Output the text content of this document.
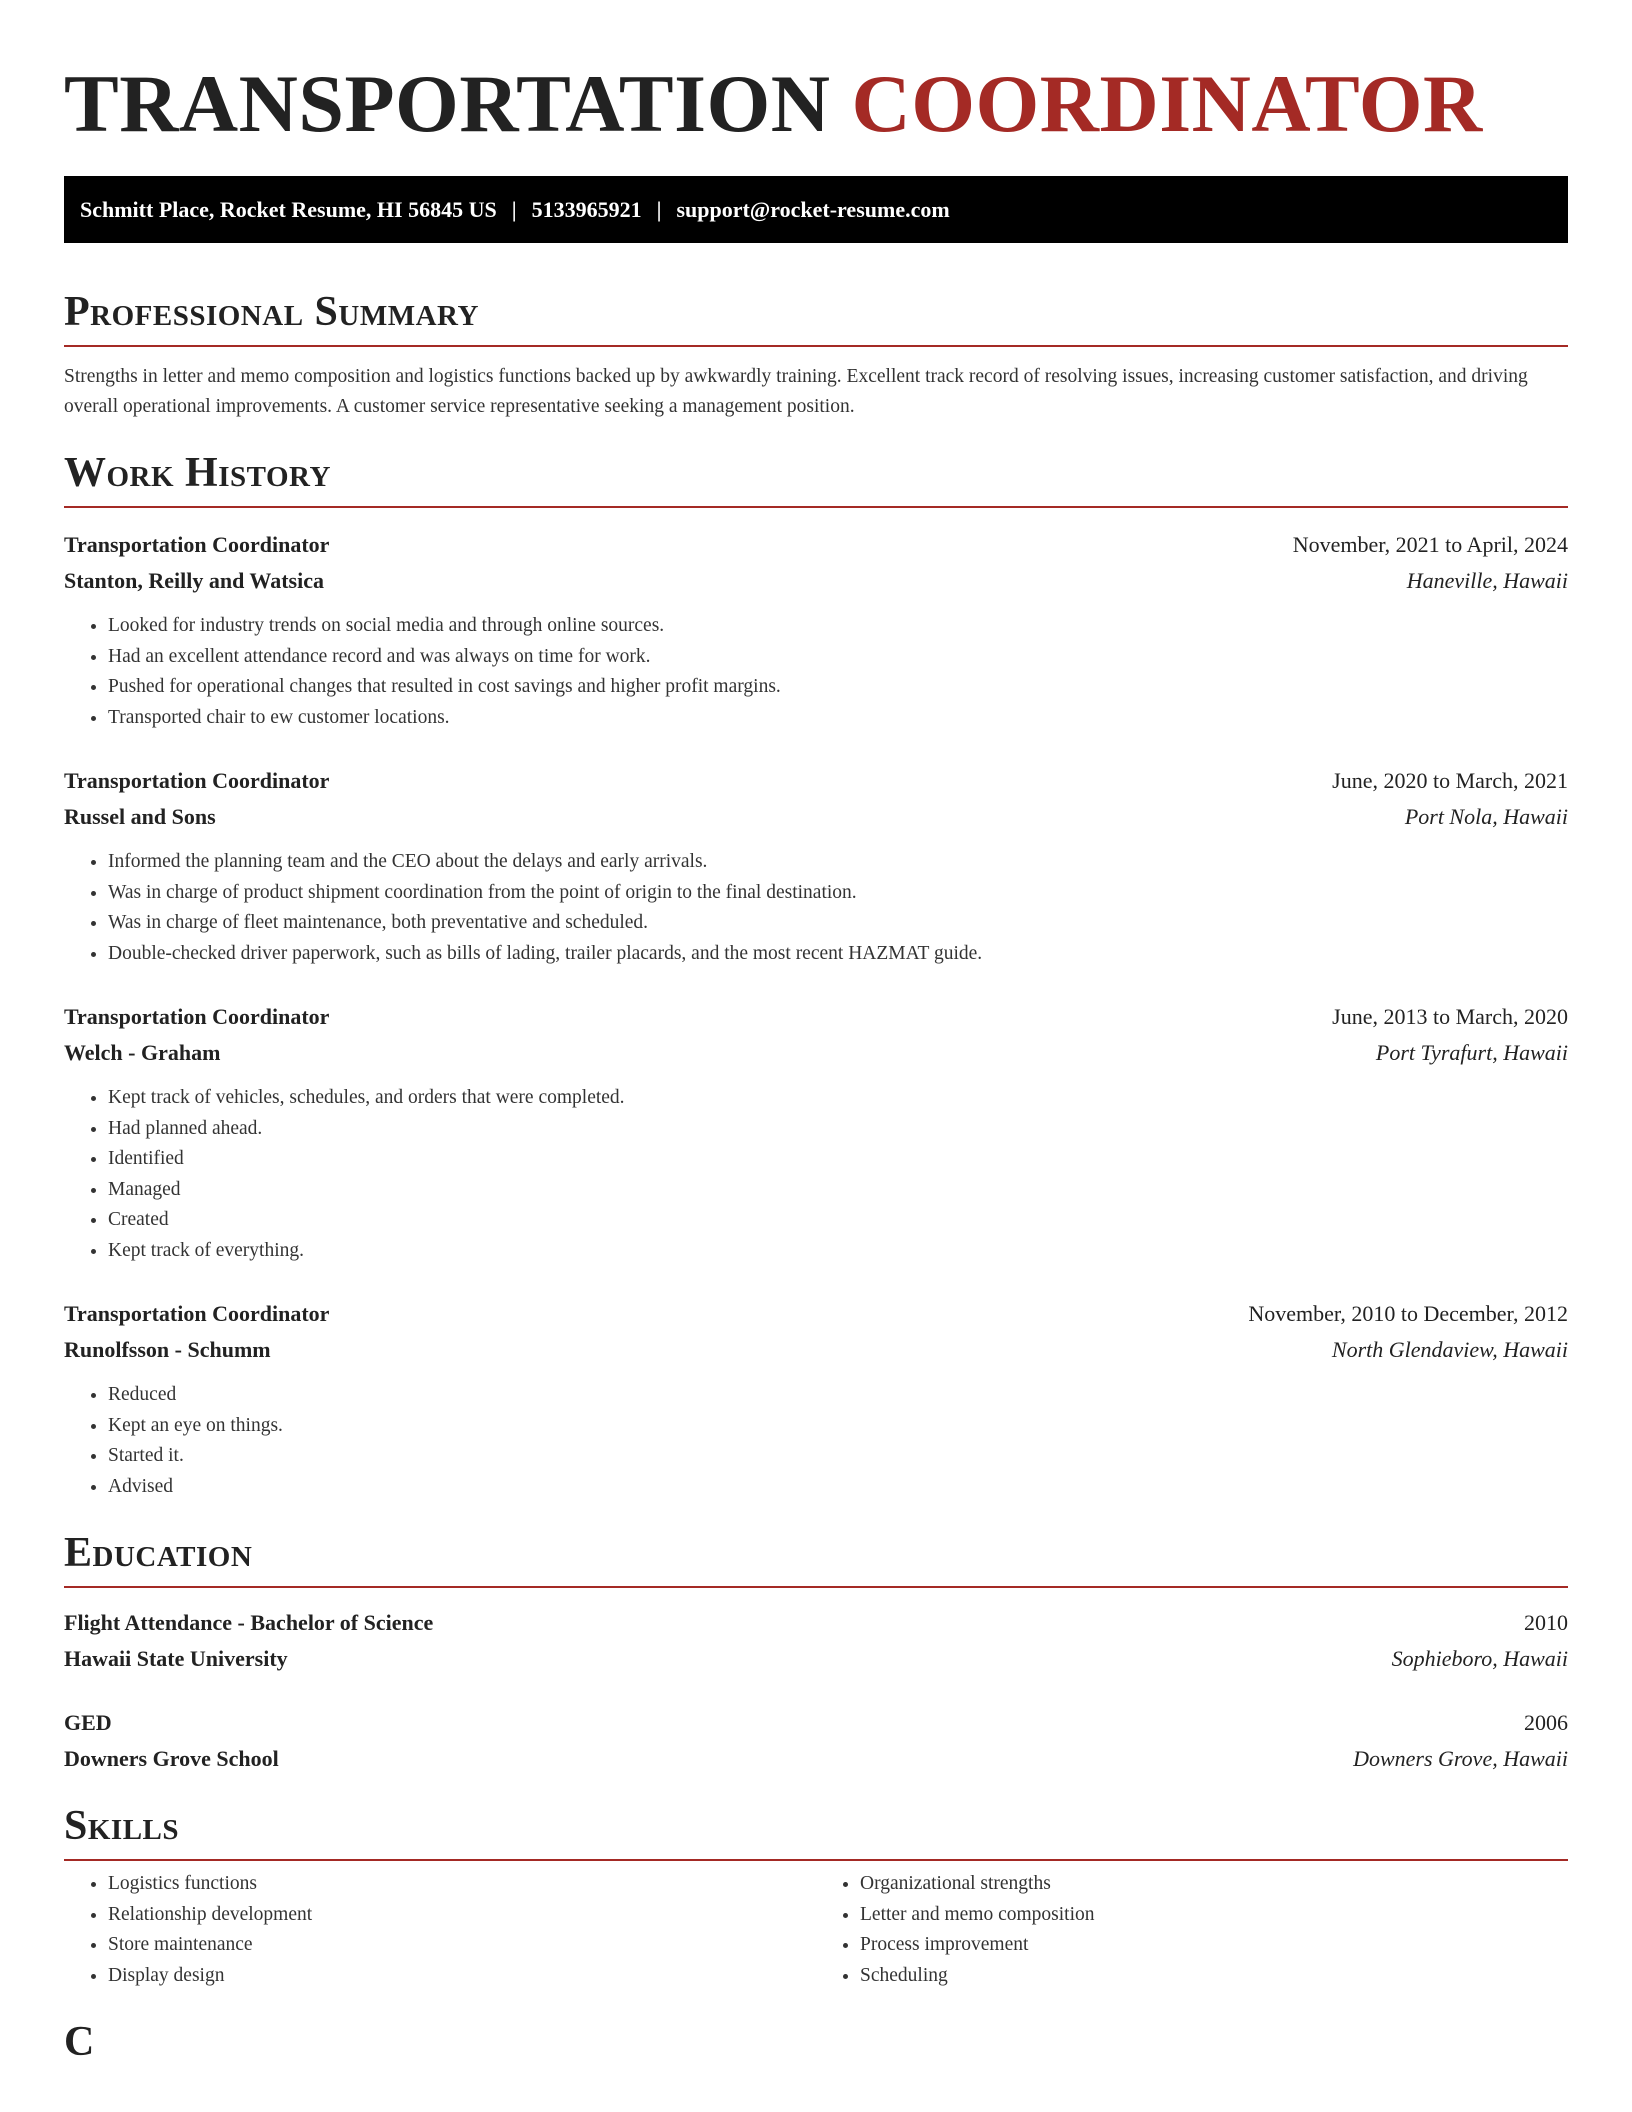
TRANSPORTATION COORDINATOR
Schmitt Place, Rocket Resume, HI 56845 US | 5133965921 | support@rocket-resume.com
Professional Summary

Strengths in letter and memo composition and logistics functions backed up by awkwardly training. Excellent track record of resolving issues, increasing customer satisfaction, and driving overall operational improvements. A customer service representative seeking a management position.

Work History
Transportation Coordinator	November, 2021 to April, 2024
Stanton, Reilly and Watsica	Haneville, Hawaii
• Looked for industry trends on social media and through online sources.
• Had an excellent attendance record and was always on time for work.
• Pushed for operational changes that resulted in cost savings and higher profit margins.
• Transported chair to ew customer locations.
Transportation Coordinator	June, 2020 to March, 2021
Russel and Sons	Port Nola, Hawaii
• Informed the planning team and the CEO about the delays and early arrivals.
• Was in charge of product shipment coordination from the point of origin to the final destination.
• Was in charge of fleet maintenance, both preventative and scheduled.
• Double-checked driver paperwork, such as bills of lading, trailer placards, and the most recent HAZMAT guide.
Transportation Coordinator	June, 2013 to March, 2020
Welch - Graham	Port Tyrafurt, Hawaii
• Kept track of vehicles, schedules, and orders that were completed.
• Had planned ahead.
• Identified
• Managed
• Created
• Kept track of everything.
Transportation Coordinator	November, 2010 to December, 2012
Runolfsson - Schumm	North Glendaview, Hawaii
• Reduced
• Kept an eye on things.
• Started it.
• Advised
Education
Flight Attendance - Bachelor of Science	2010
Hawaii State University	Sophieboro, Hawaii
GED	2006
Downers Grove School	Downers Grove, Hawaii
Skills
• Logistics functions
• Relationship development
• Store maintenance
• Display design
• Organizational strengths
• Letter and memo composition
• Process improvement
• Scheduling
C
